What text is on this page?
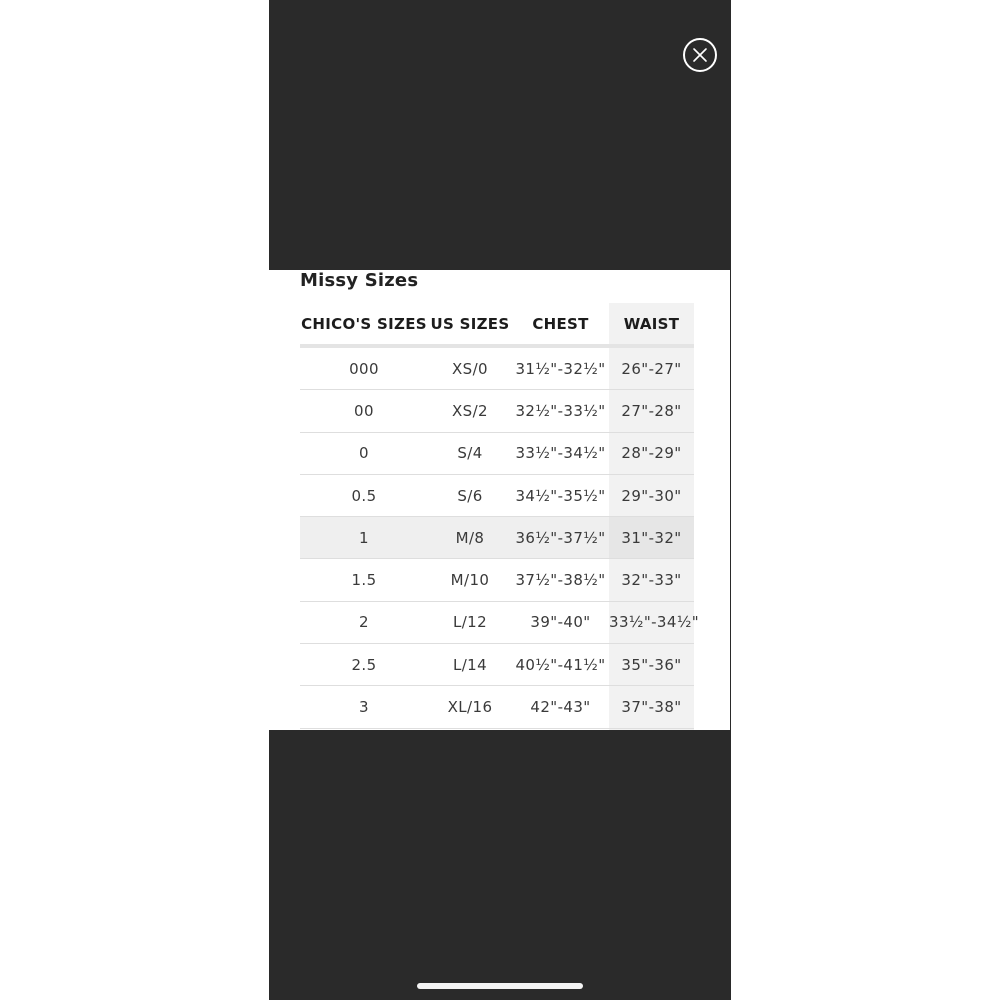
Missy Sizes
CHICO'S SIZES	US SIZES	CHEST	WAIST
000	XS/0	31½"-32½"	26"-27"
00	XS/2	32½"-33½"	27"-28"
0	S/4	33½"-34½"	28"-29"
0.5	S/6	34½"-35½"	29"-30"
1	M/8	36½"-37½"	31"-32"
1.5	M/10	37½"-38½"	32"-33"
2	L/12	39"-40"	33½"-34½"
2.5	L/14	40½"-41½"	35"-36"
3	XL/16	42"-43"	37"-38"
